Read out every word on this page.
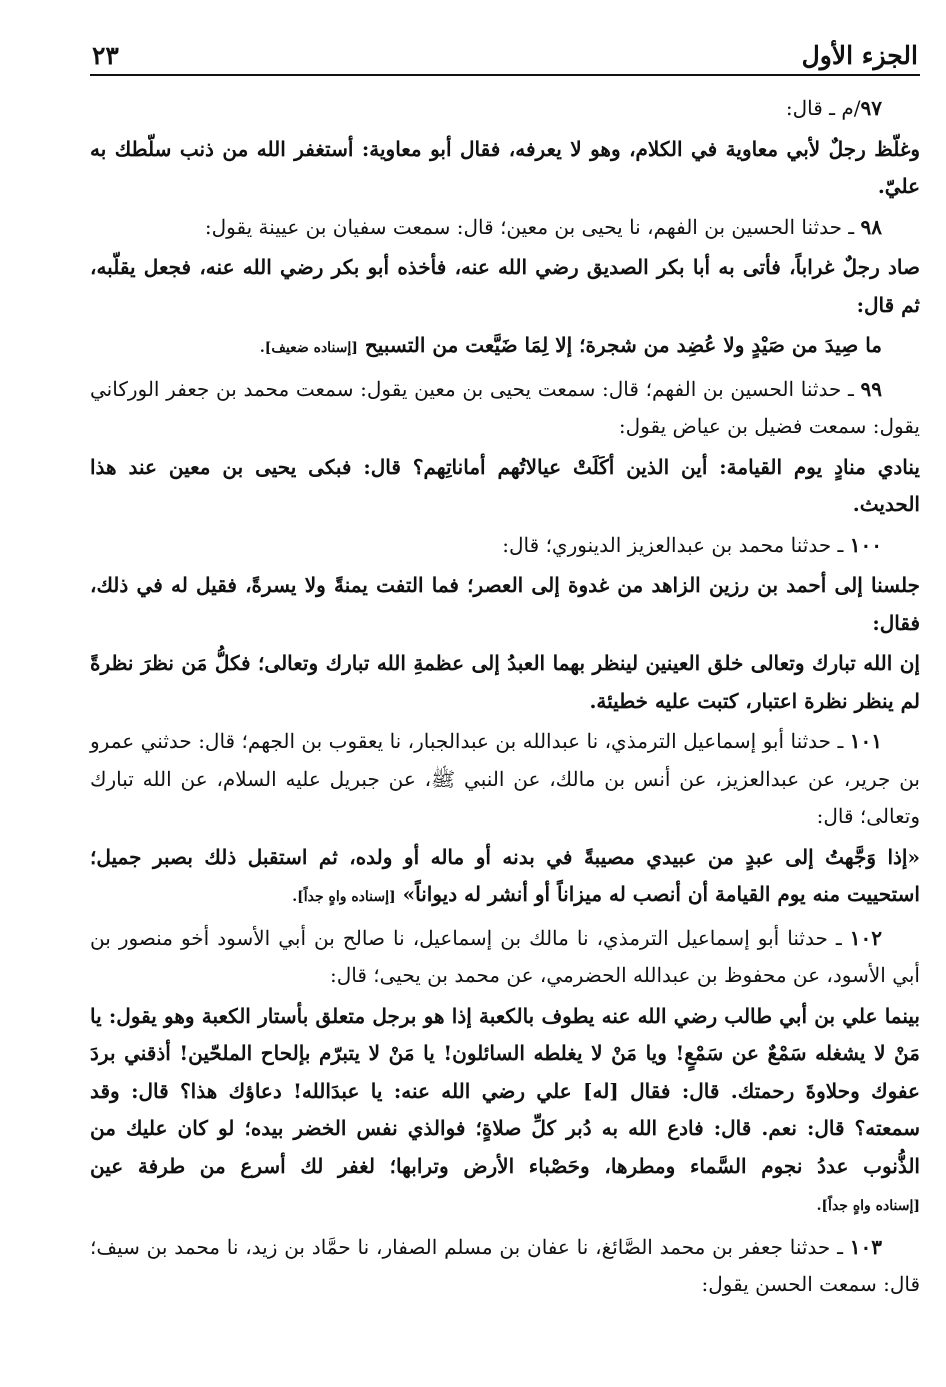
الجزء الأول
٢٣

٩٧/م ـ قال:

وغلّظ رجلٌ لأبي معاوية في الكلام، وهو لا يعرفه، فقال أبو معاوية: أستغفر الله من ذنب سلّطك به عليّ.

٩٨ ـ حدثنا الحسين بن الفهم، نا يحيى بن معين؛ قال: سمعت سفيان بن عيينة يقول:

صاد رجلٌ غراباً، فأتى به أبا بكر الصديق رضي الله عنه، فأخذه أبو بكر رضي الله عنه، فجعل يقلّبه، ثم قال:

ما صِيدَ من صَيْدٍ ولا عُضِد من شجرة؛ إلا لِمَا ضَيَّعت من التسبيح [إسناده ضعيف].

٩٩ ـ حدثنا الحسين بن الفهم؛ قال: سمعت يحيى بن معين يقول: سمعت محمد بن جعفر الوركاني يقول: سمعت فضيل بن عياض يقول:

ينادي منادٍ يوم القيامة: أين الذين أكَلَتْ عيالاتُهم أماناتِهم؟ قال: فبكى يحيى بن معين عند هذا الحديث.

١٠٠ ـ حدثنا محمد بن عبدالعزيز الدينوري؛ قال:

جلسنا إلى أحمد بن رزين الزاهد من غدوة إلى العصر؛ فما التفت يمنةً ولا يسرةً، فقيل له في ذلك، فقال:

إن الله تبارك وتعالى خلق العينين لينظر بهما العبدُ إلى عظمةِ الله تبارك وتعالى؛ فكلُّ مَن نظرَ نظرةً لم ينظر نظرة اعتبار، كتبت عليه خطيئة.

١٠١ ـ حدثنا أبو إسماعيل الترمذي، نا عبدالله بن عبدالجبار، نا يعقوب بن الجهم؛ قال: حدثني عمرو بن جرير، عن عبدالعزيز، عن أنس بن مالك، عن النبي ﷺ، عن جبريل عليه السلام، عن الله تبارك وتعالى؛ قال:

«إذا وَجَّهتُ إلى عبدٍ من عبيدي مصيبةً في بدنه أو ماله أو ولده، ثم استقبل ذلك بصبر جميل؛ استحييت منه يوم القيامة أن أنصب له ميزاناً أو أنشر له ديواناً» [إسناده واهٍ جداً].

١٠٢ ـ حدثنا أبو إسماعيل الترمذي، نا مالك بن إسماعيل، نا صالح بن أبي الأسود أخو منصور بن أبي الأسود، عن محفوظ بن عبدالله الحضرمي، عن محمد بن يحيى؛ قال:

بينما علي بن أبي طالب رضي الله عنه يطوف بالكعبة إذا هو برجل متعلق بأستار الكعبة وهو يقول: يا مَنْ لا يشغله سَمْعٌ عن سَمْعٍ! ويا مَنْ لا يغلطه السائلون! يا مَنْ لا يتبرّم بإلحاح الملحّين! أذقني بردَ عفوك وحلاوةَ رحمتك. قال: فقال [له] علي رضي الله عنه: يا عبدَالله! دعاؤك هذا؟ قال: وقد سمعته؟ قال: نعم. قال: فادع الله به دُبر كلِّ صلاةٍ؛ فوالذي نفس الخضر بيده؛ لو كان عليك من الذُّنوب عددُ نجوم السَّماء ومطرها، وحَصْباء الأرض وترابها؛ لغفر لك أسرع من طرفة عين [إسناده واهٍ جداً].

١٠٣ ـ حدثنا جعفر بن محمد الصَّائغ، نا عفان بن مسلم الصفار، نا حمَّاد بن زيد، نا محمد بن سيف؛ قال: سمعت الحسن يقول:
